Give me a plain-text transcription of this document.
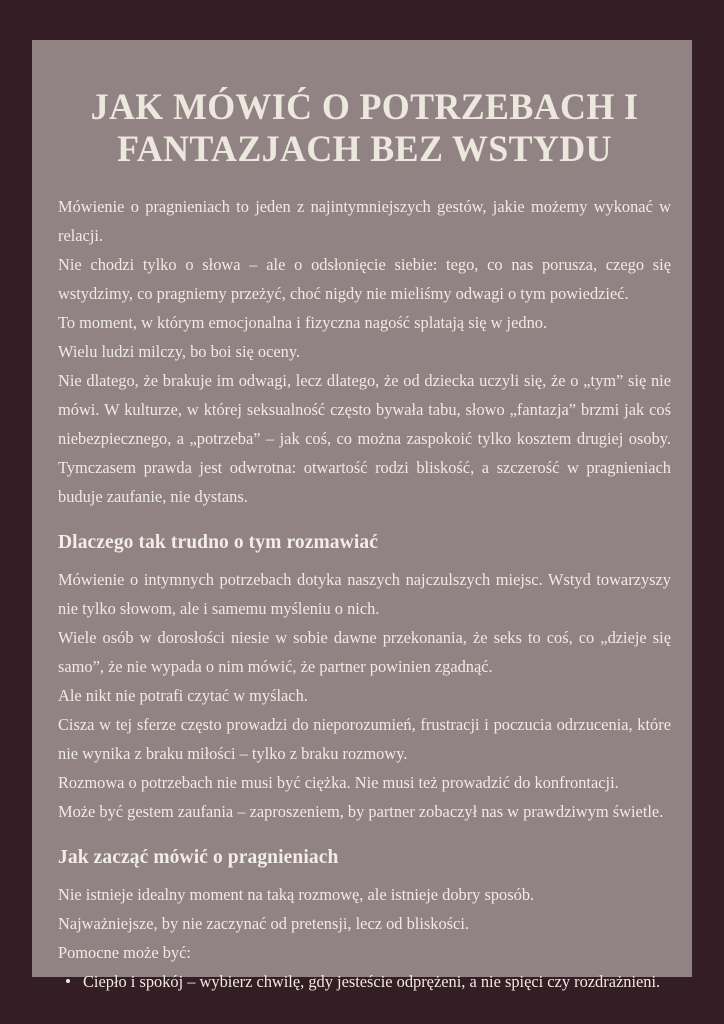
JAK MÓWIĆ O POTRZEBACH I FANTAZJACH BEZ WSTYDU

Mówienie o pragnieniach to jeden z najintymniejszych gestów, jakie możemy wykonać w relacji.

Nie chodzi tylko o słowa – ale o odsłonięcie siebie: tego, co nas porusza, czego się wstydzimy, co pragniemy przeżyć, choć nigdy nie mieliśmy odwagi o tym powiedzieć.

To moment, w którym emocjonalna i fizyczna nagość splatają się w jedno.

Wielu ludzi milczy, bo boi się oceny.

Nie dlatego, że brakuje im odwagi, lecz dlatego, że od dziecka uczyli się, że o „tym” się nie mówi. W kulturze, w której seksualność często bywała tabu, słowo „fantazja” brzmi jak coś niebezpiecznego, a „potrzeba” – jak coś, co można zaspokoić tylko kosztem drugiej osoby. Tymczasem prawda jest odwrotna: otwartość rodzi bliskość, a szczerość w pragnieniach buduje zaufanie, nie dystans.

Dlaczego tak trudno o tym rozmawiać

Mówienie o intymnych potrzebach dotyka naszych najczulszych miejsc. Wstyd towarzyszy nie tylko słowom, ale i samemu myśleniu o nich.

Wiele osób w dorosłości niesie w sobie dawne przekonania, że seks to coś, co „dzieje się samo”, że nie wypada o nim mówić, że partner powinien zgadnąć.

Ale nikt nie potrafi czytać w myślach.

Cisza w tej sferze często prowadzi do nieporozumień, frustracji i poczucia odrzucenia, które nie wynika z braku miłości – tylko z braku rozmowy.

Rozmowa o potrzebach nie musi być ciężka. Nie musi też prowadzić do konfrontacji.

Może być gestem zaufania – zaproszeniem, by partner zobaczył nas w prawdziwym świetle.

Jak zacząć mówić o pragnieniach

Nie istnieje idealny moment na taką rozmowę, ale istnieje dobry sposób.

Najważniejsze, by nie zaczynać od pretensji, lecz od bliskości.

Pomocne może być:

Ciepło i spokój – wybierz chwilę, gdy jesteście odprężeni, a nie spięci czy rozdrażnieni.
